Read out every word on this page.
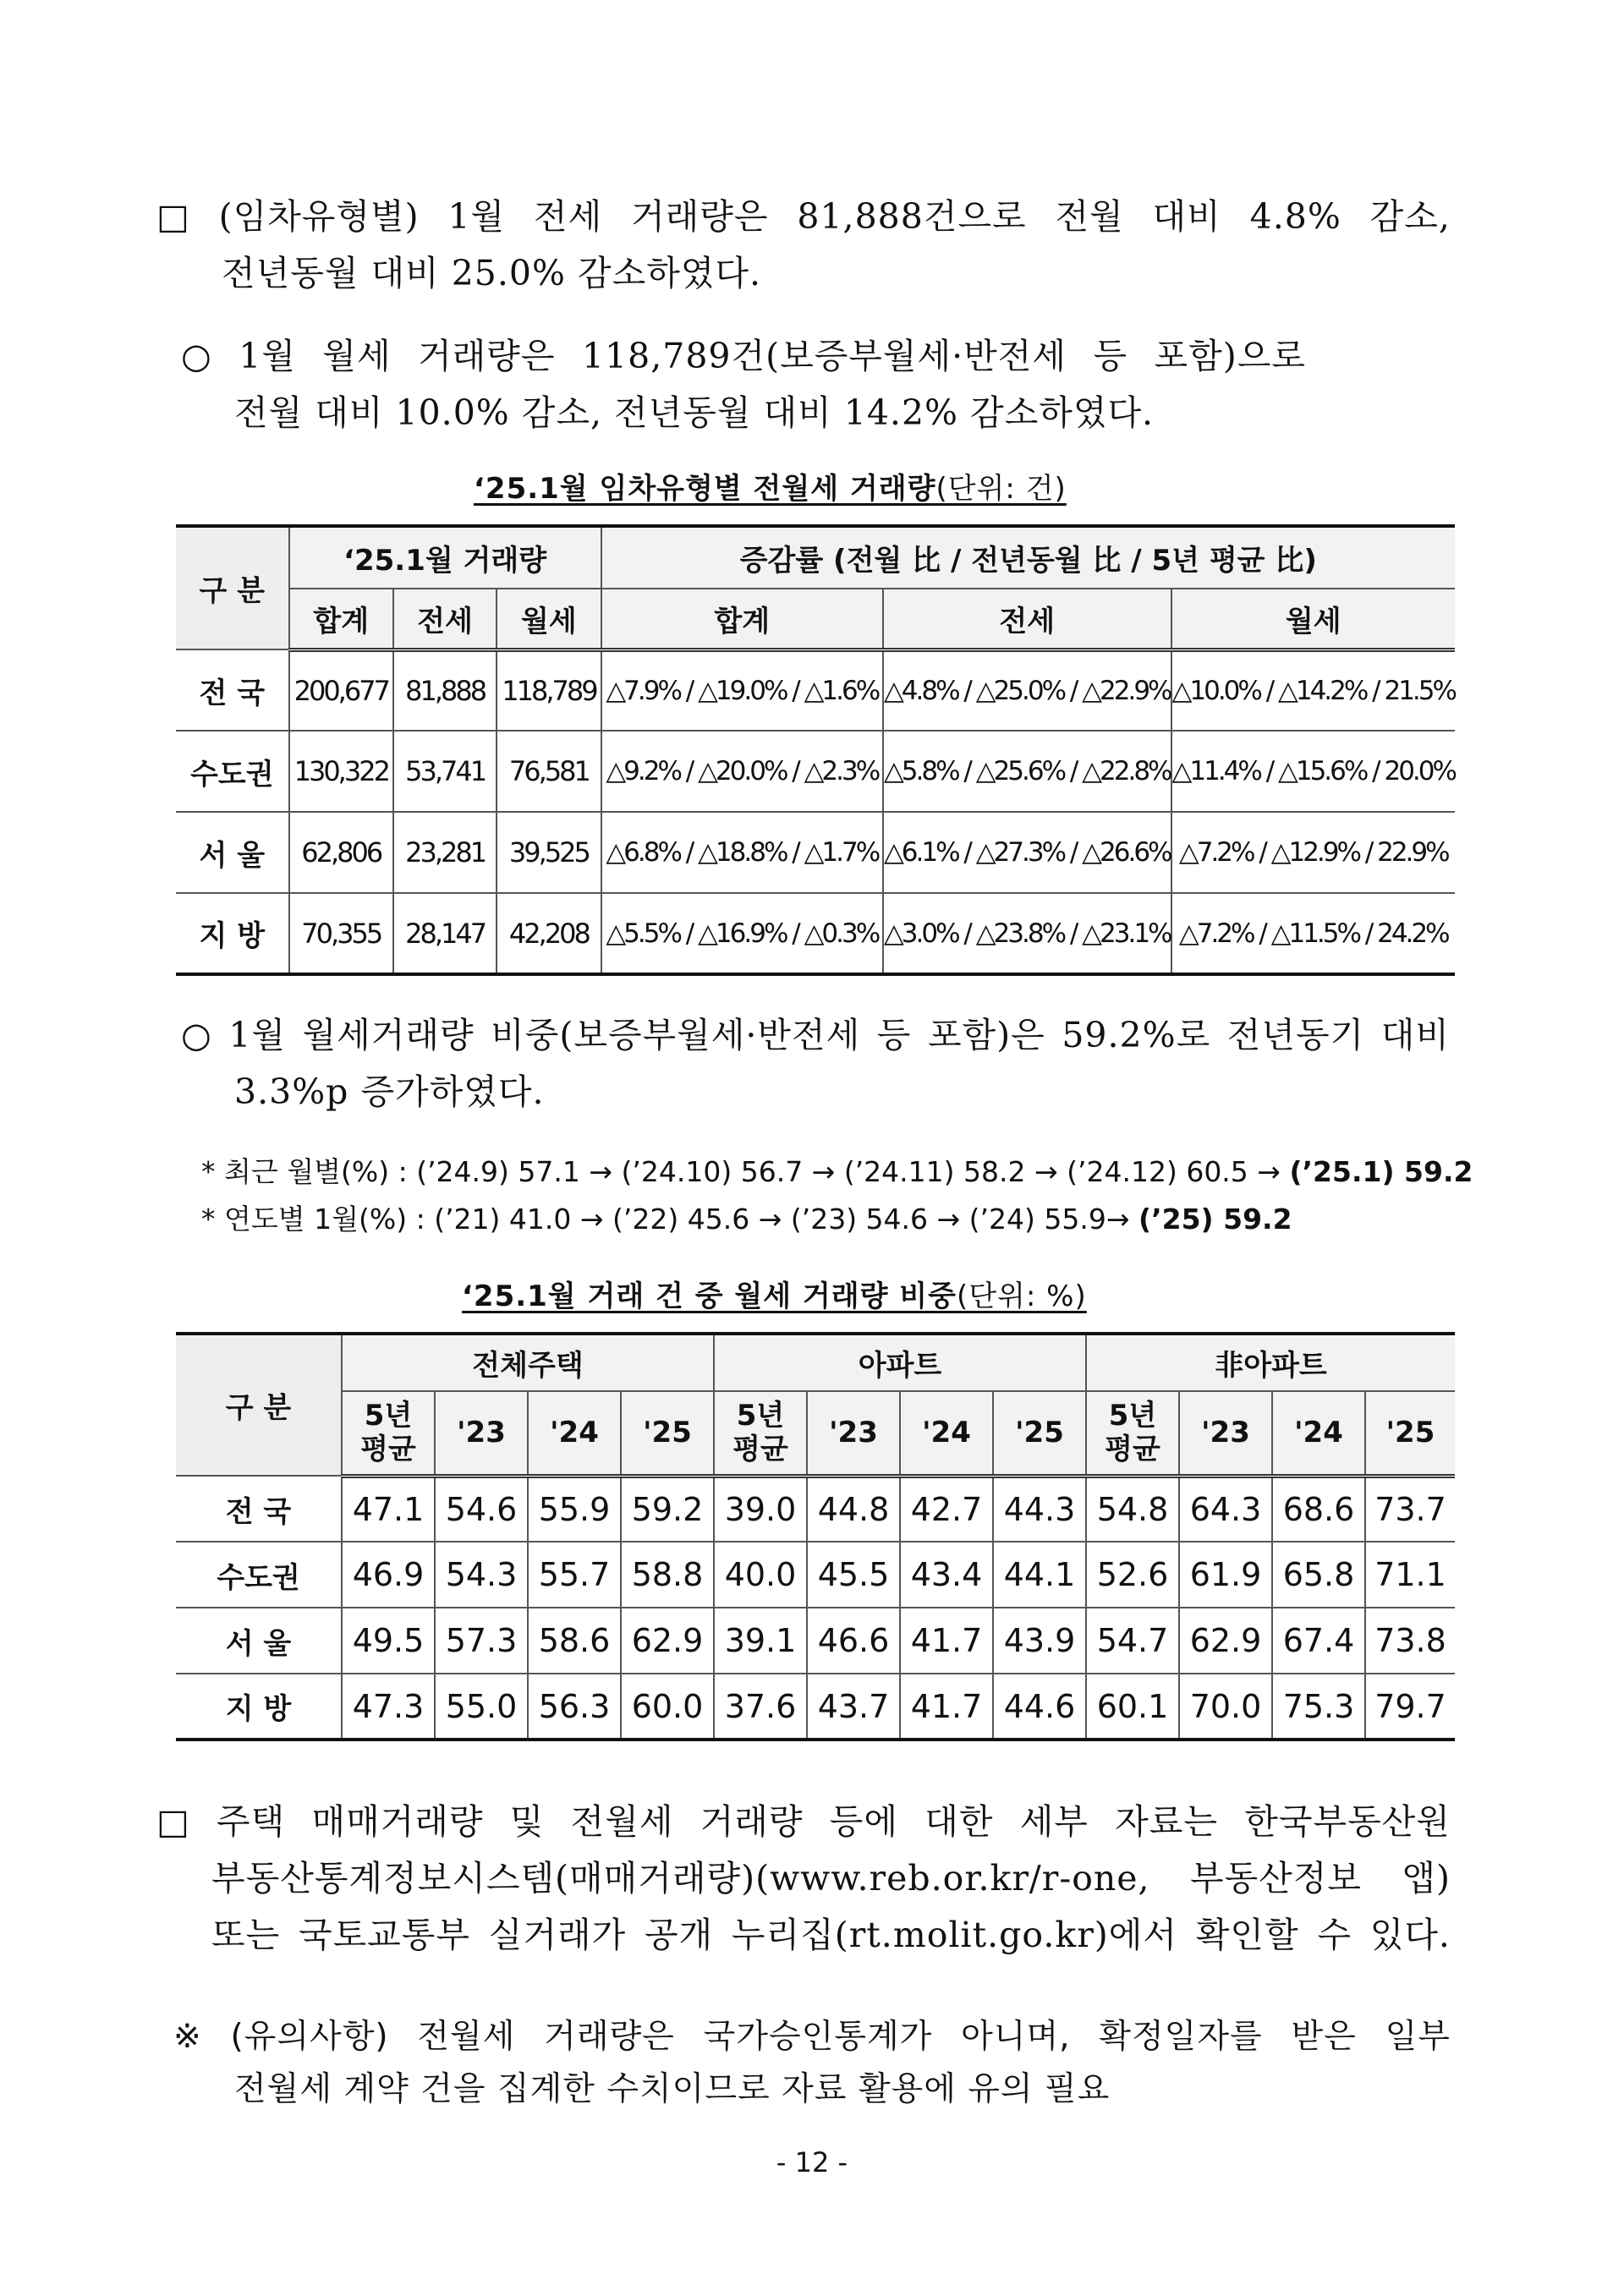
□ (임차유형별) 1월 전세 거래량은 81,888건으로 전월 대비 4.8% 감소,
전년동월 대비 25.0% 감소하였다.
○ 1월 월세 거래량은 118,789건(보증부월세·반전세 등 포함)으로
전월 대비 10.0% 감소, 전년동월 대비 14.2% 감소하였다.
‘25.1월 임차유형별 전월세 거래량(단위: 건)
구 분	‘25.1월 거래량			증감률 (전월 比 / 전년동월 比 / 5년 평균 比)		
	합계	전세	월세	합계	전세	월세
전 국	200,677	81,888	118,789	△7.9% / △19.0% / △1.6%	△4.8% / △25.0% / △22.9%	△10.0% / △14.2% / 21.5%
수도권	130,322	53,741	76,581	△9.2% / △20.0% / △2.3%	△5.8% / △25.6% / △22.8%	△11.4% / △15.6% / 20.0%
서 울	62,806	23,281	39,525	△6.8% / △18.8% / △1.7%	△6.1% / △27.3% / △26.6%	△7.2% / △12.9% / 22.9%
지 방	70,355	28,147	42,208	△5.5% / △16.9% / △0.3%	△3.0% / △23.8% / △23.1%	△7.2% / △11.5% / 24.2%
○ 1월 월세거래량 비중(보증부월세·반전세 등 포함)은 59.2%로 전년동기 대비
3.3%p 증가하였다.
* 최근 월별(%) : (’24.9) 57.1 → (’24.10) 56.7 → (’24.11) 58.2 → (’24.12) 60.5 → (’25.1) 59.2
* 연도별 1월(%) : (’21) 41.0 → (’22) 45.6 → (’23) 54.6 → (’24) 55.9→ (’25) 59.2
‘25.1월 거래 건 중 월세 거래량 비중(단위: %)
구 분	전체주택				아파트				非아파트			
	5년
평균	'23	'24	'25	5년
평균	'23	'24	'25	5년
평균	'23	'24	'25
전 국	47.1	54.6	55.9	59.2	39.0	44.8	42.7	44.3	54.8	64.3	68.6	73.7
수도권	46.9	54.3	55.7	58.8	40.0	45.5	43.4	44.1	52.6	61.9	65.8	71.1
서 울	49.5	57.3	58.6	62.9	39.1	46.6	41.7	43.9	54.7	62.9	67.4	73.8
지 방	47.3	55.0	56.3	60.0	37.6	43.7	41.7	44.6	60.1	70.0	75.3	79.7
□ 주택 매매거래량 및 전월세 거래량 등에 대한 세부 자료는 한국부동산원
부동산통계정보시스템(매매거래량)(www.reb.or.kr/r-one, 부동산정보 앱)
또는 국토교통부 실거래가 공개 누리집(rt.molit.go.kr)에서 확인할 수 있다.
※ (유의사항) 전월세 거래량은 국가승인통계가 아니며, 확정일자를 받은 일부
전월세 계약 건을 집계한 수치이므로 자료 활용에 유의 필요
- 12 -
